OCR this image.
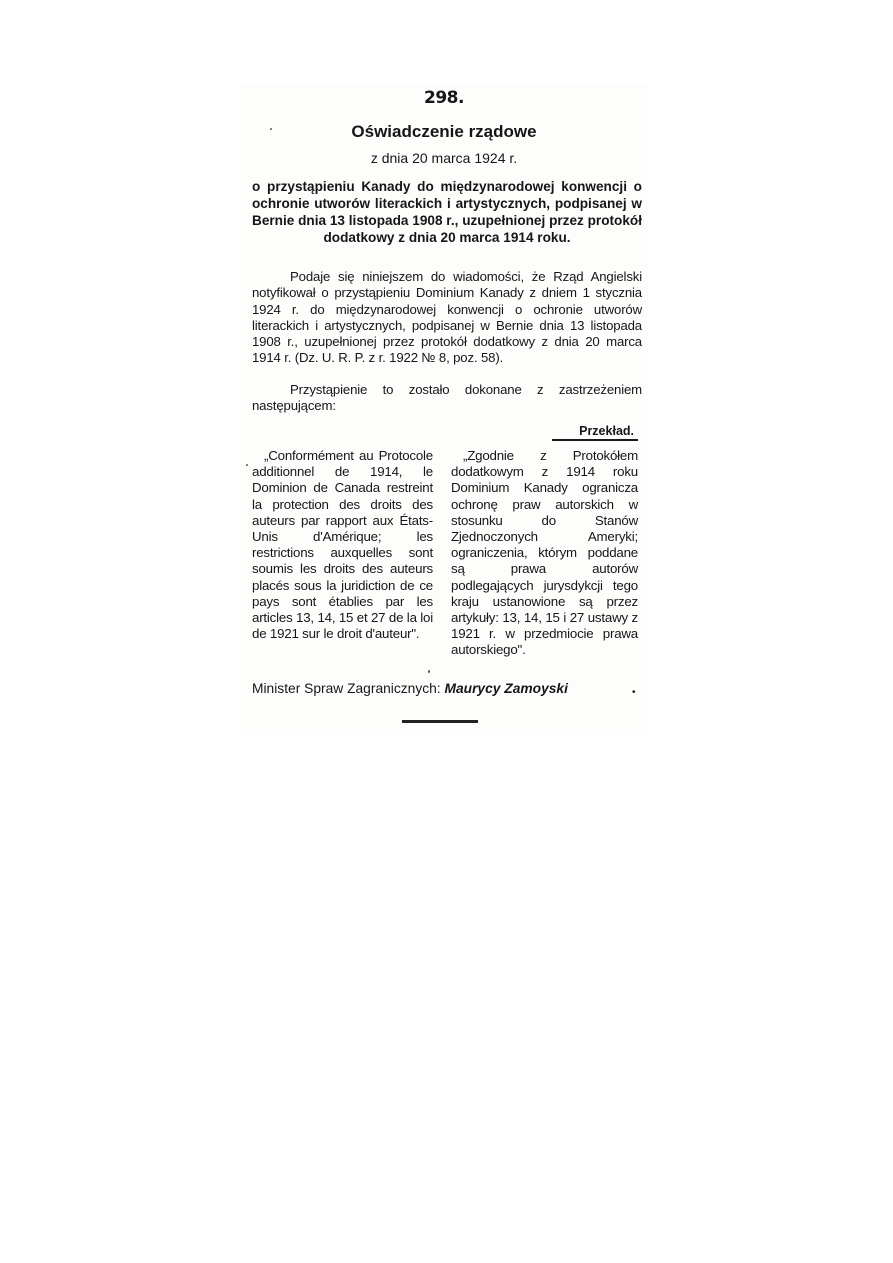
298.
Oświadczenie rządowe
z dnia 20 marca 1924 r.
o przystąpieniu Kanady do międzynarodowej konwencji o ochronie utworów literackich i artystycznych, podpisanej w Bernie dnia 13 listopada 1908 r., uzupełnionej przez protokół dodatkowy z dnia 20 marca 1914 roku.
Podaje się niniejszem do wiadomości, że Rząd Angielski notyfikował o przystąpieniu Dominium Kanady z dniem 1 stycznia 1924 r. do międzynarodowej konwencji o ochronie utworów literackich i artystycznych, podpisanej w Bernie dnia 13 listopada 1908 r., uzupełnionej przez protokół dodatkowy z dnia 20 marca 1914 r. (Dz. U. R. P. z r. 1922 № 8, poz. 58).
Przystąpienie to zostało dokonane z zastrzeżeniem następującem:
Przekład.
„Conformément au Protocole additionnel de 1914, le Dominion de Canada restreint la protection des droits des auteurs par rapport aux États-Unis d'Amérique; les restrictions auxquelles sont soumis les droits des auteurs placés sous la juridiction de ce pays sont établies par les articles 13, 14, 15 et 27 de la loi de 1921 sur le droit d'auteur".
„Zgodnie z Protokółem dodatkowym z 1914 roku Dominium Kanady ogranicza ochronę praw autorskich w stosunku do Stanów Zjednoczonych Ameryki; ograniczenia, którym poddane są prawa autorów podlegających jurysdykcji tego kraju ustanowione są przez artykuły: 13, 14, 15 i 27 ustawy z 1921 r. w przedmiocie prawa autorskiego".
Minister Spraw Zagranicznych: Maurycy Zamoyski	•
